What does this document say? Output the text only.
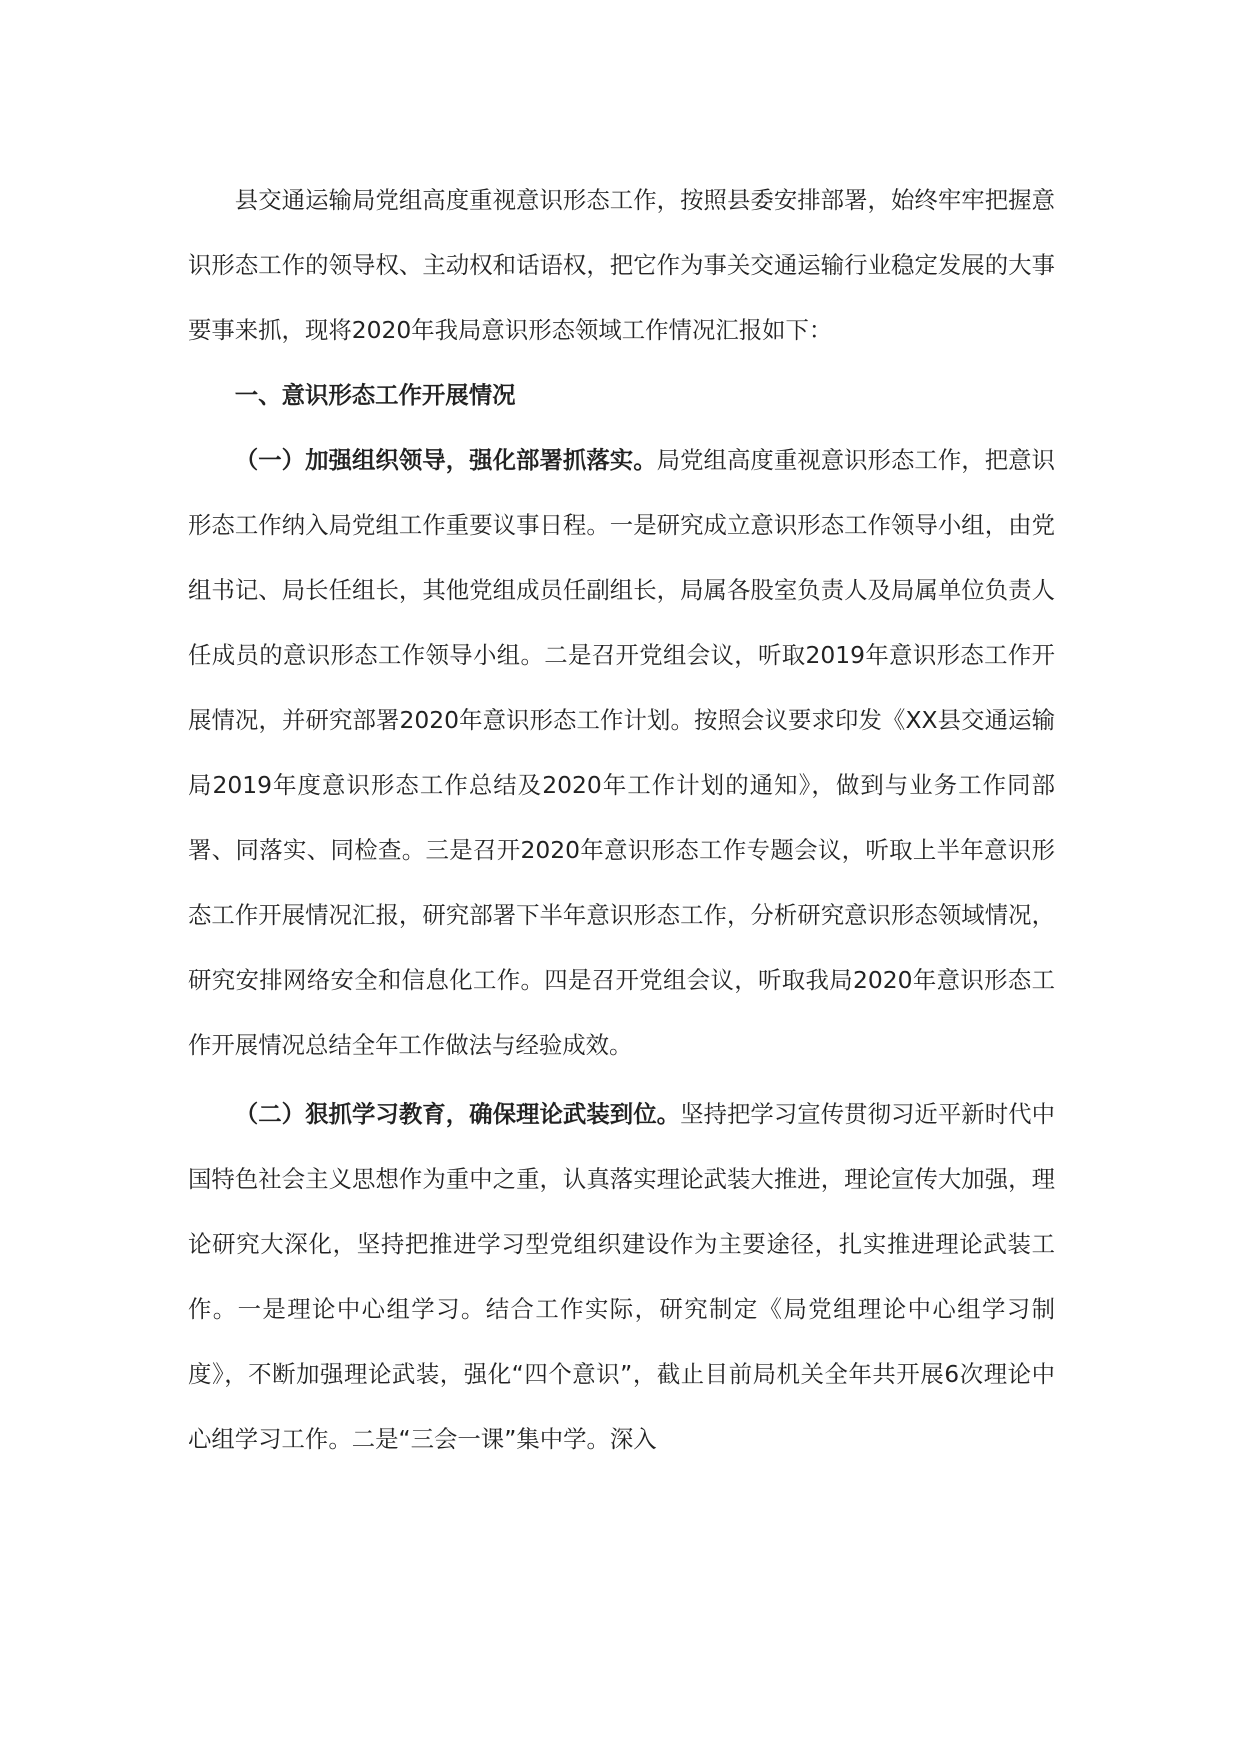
县交通运输局党组高度重视意识形态工作，按照县委安排部署，始终牢牢把握意识形态工作的领导权、主动权和话语权，把它作为事关交通运输行业稳定发展的大事要事来抓，现将2020年我局意识形态领域工作情况汇报如下：

一、意识形态工作开展情况

（一）加强组织领导，强化部署抓落实。局党组高度重视意识形态工作，把意识形态工作纳入局党组工作重要议事日程。一是研究成立意识形态工作领导小组，由党组书记、局长任组长，其他党组成员任副组长，局属各股室负责人及局属单位负责人任成员的意识形态工作领导小组。二是召开党组会议，听取2019年意识形态工作开展情况，并研究部署2020年意识形态工作计划。按照会议要求印发《XX县交通运输局2019年度意识形态工作总结及2020年工作计划的通知》，做到与业务工作同部署、同落实、同检查。三是召开2020年意识形态工作专题会议，听取上半年意识形态工作开展情况汇报，研究部署下半年意识形态工作，分析研究意识形态领域情况，研究安排网络安全和信息化工作。四是召开党组会议，听取我局2020年意识形态工作开展情况总结全年工作做法与经验成效。

（二）狠抓学习教育，确保理论武装到位。坚持把学习宣传贯彻习近平新时代中国特色社会主义思想作为重中之重，认真落实理论武装大推进，理论宣传大加强，理论研究大深化，坚持把推进学习型党组织建设作为主要途径，扎实推进理论武装工作。一是理论中心组学习。结合工作实际，研究制定《局党组理论中心组学习制度》，不断加强理论武装，强化“四个意识”，截止目前局机关全年共开展6次理论中心组学习工作。二是“三会一课”集中学。深入
